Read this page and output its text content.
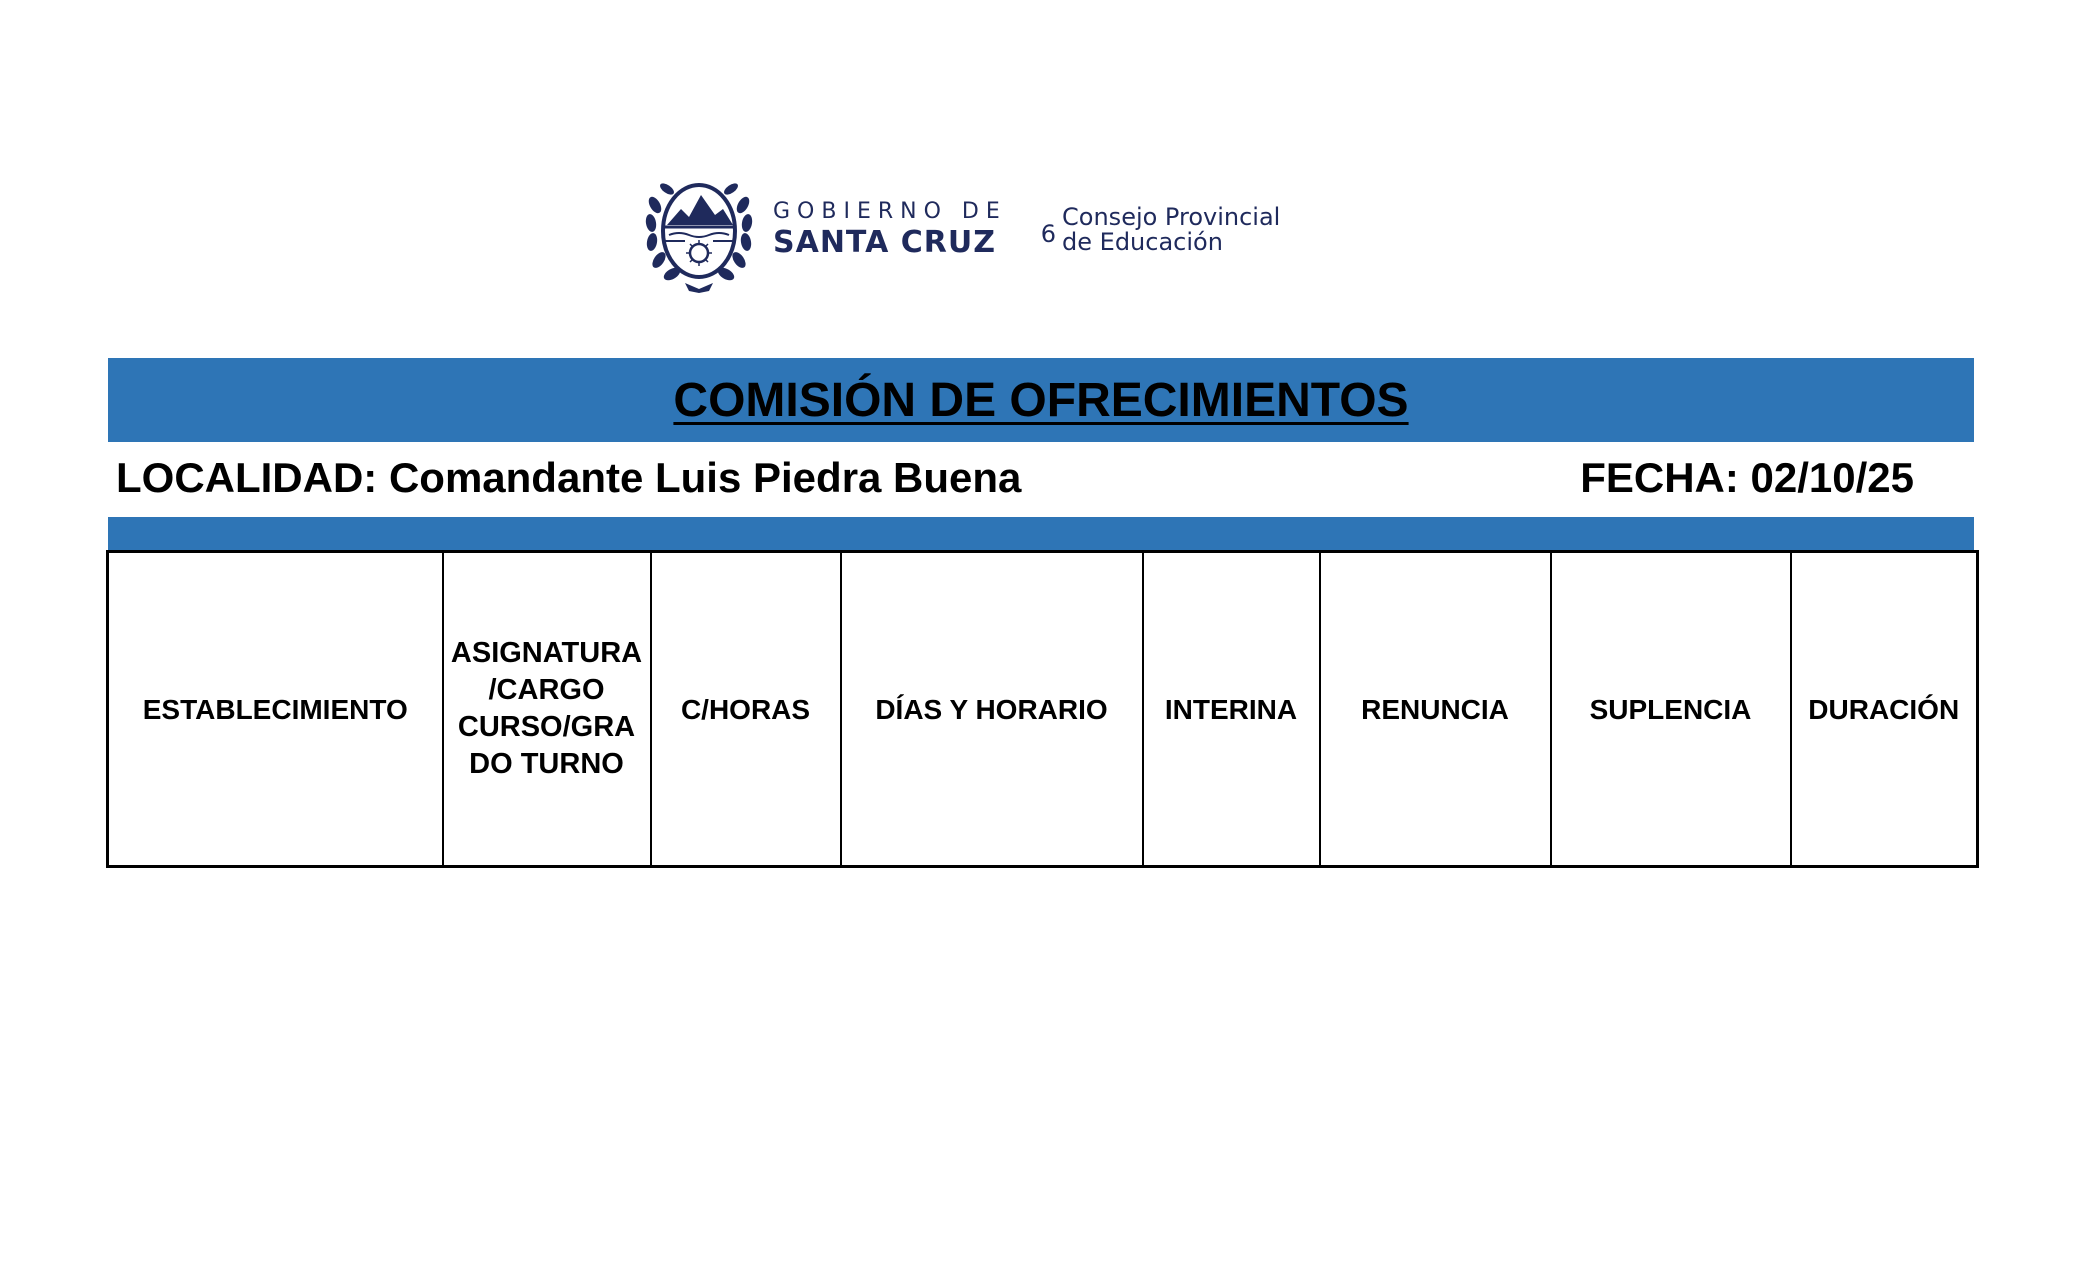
GOBIERNO DE
SANTA CRUZ	6
Consejo Provincial
de Educación
COMISIÓN DE OFRECIMIENTOS
LOCALIDAD: Comandante Luis Piedra Buena	FECHA: 02/10/25
ESTABLECIMIENTO	ASIGNATURA /CARGO CURSO/GRA DO TURNO	C/HORAS	DÍAS Y HORARIO	INTERINA	RENUNCIA	SUPLENCIA	DURACIÓN
